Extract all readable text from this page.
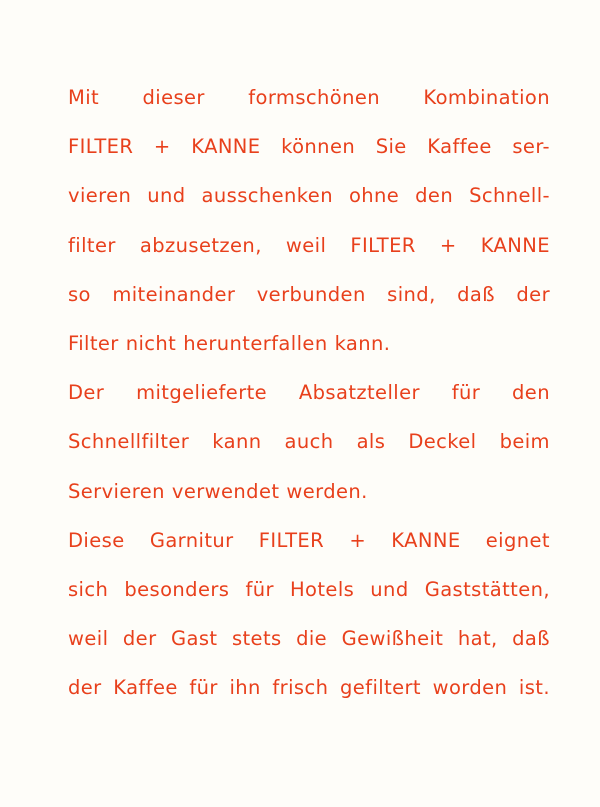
Mit dieser formschönen Kombination
FILTER + KANNE können Sie Kaffee ser-
vieren und ausschenken ohne den Schnell-
filter abzusetzen, weil FILTER + KANNE
so miteinander verbunden sind, daß der
Filter nicht herunterfallen kann.
Der mitgelieferte Absatzteller für den
Schnellfilter kann auch als Deckel beim
Servieren verwendet werden.
Diese Garnitur FILTER + KANNE eignet
sich besonders für Hotels und Gaststätten,
weil der Gast stets die Gewißheit hat, daß
der Kaffee für ihn frisch gefiltert worden ist.
